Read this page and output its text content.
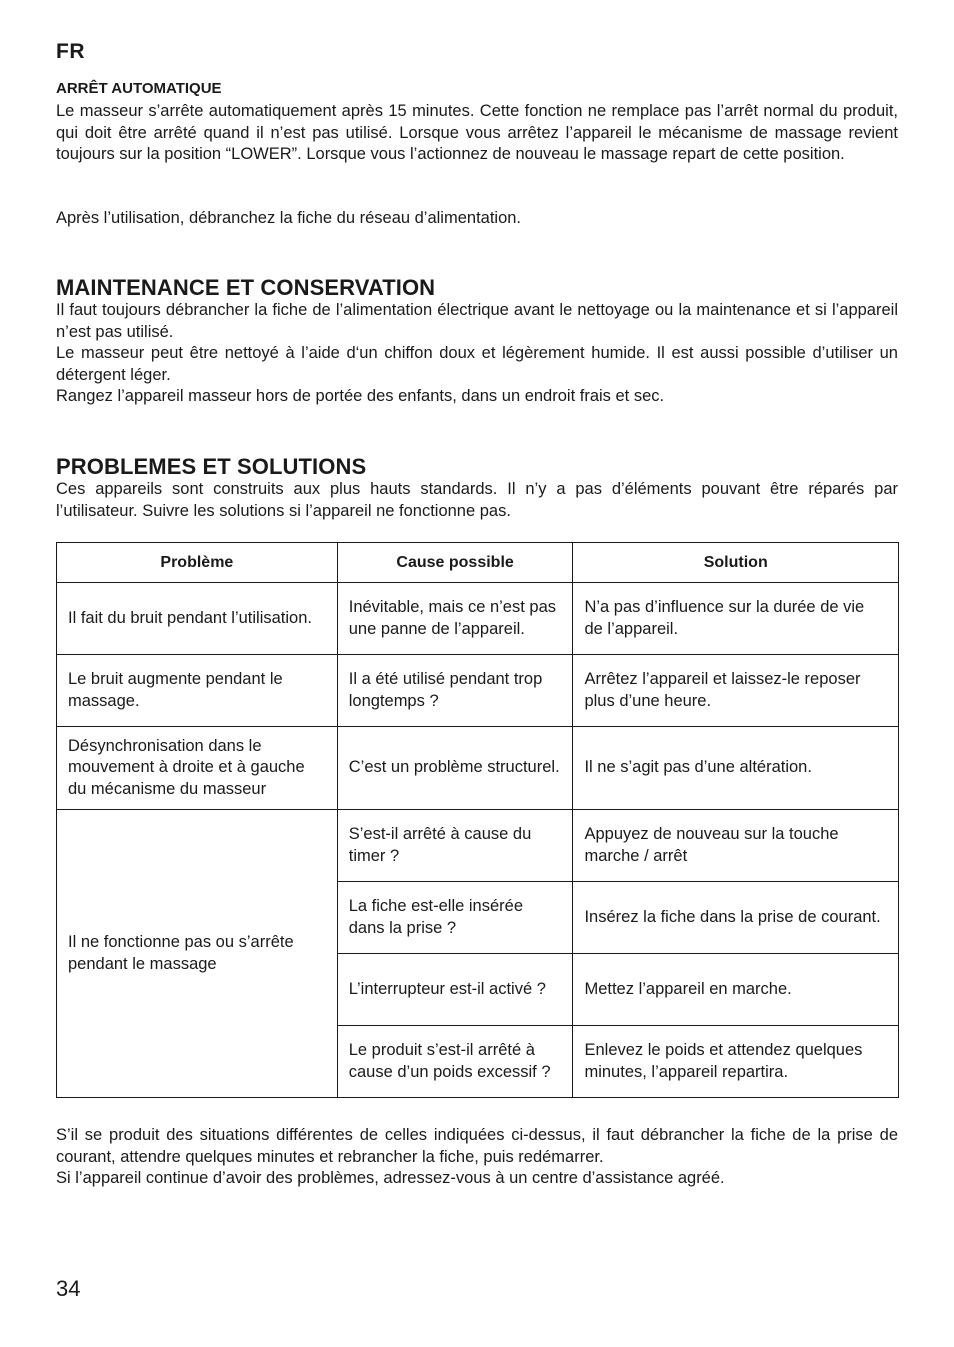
FR
ARRÊT AUTOMATIQUE

Le masseur s’arrête automatiquement après 15 minutes. Cette fonction ne remplace pas l’arrêt normal du produit, qui doit être arrêté quand il n’est pas utilisé. Lorsque vous arrêtez l’appareil le mécanisme de massage revient toujours sur la position “LOWER”. Lorsque vous l’actionnez de nouveau le massage repart de cette position.

Après l’utilisation, débranchez la fiche du réseau d’alimentation.

MAINTENANCE ET CONSERVATION

Il faut toujours débrancher la fiche de l’alimentation électrique avant le nettoyage ou la maintenance et si l’appareil n’est pas utilisé.

Le masseur peut être nettoyé à l’aide d‘un chiffon doux et légèrement humide. Il est aussi possible d’utiliser un détergent léger.

Rangez l’appareil masseur hors de portée des enfants, dans un endroit frais et sec.

PROBLEMES ET SOLUTIONS

Ces appareils sont construits aux plus hauts standards. Il n’y a pas d’éléments pouvant être réparés par l’utilisateur. Suivre les solutions si l’appareil ne fonctionne pas.

Problème	Cause possible	Solution
Il fait du bruit pendant l’utilisation.	Inévitable, mais ce n’est pas une panne de l’appareil.	N’a pas d’influence sur la durée de vie de l’appareil.
Le bruit augmente pendant le massage.	Il a été utilisé pendant trop longtemps ?	Arrêtez l’appareil et laissez-le reposer plus d’une heure.
Désynchronisation dans le mouvement à droite et à gauche du mécanisme du masseur	C’est un problème structurel.	Il ne s’agit pas d’une altération.
Il ne fonctionne pas ou s’arrête pendant le massage	S’est-il arrêté à cause du timer ?	Appuyez de nouveau sur la touche marche / arrêt
	La fiche est-elle insérée dans la prise ?	Insérez la fiche dans la prise de courant.
	L’interrupteur est-il activé ?	Mettez l’appareil en marche.
	Le produit s’est-il arrêté à cause d’un poids excessif ?	Enlevez le poids et attendez quelques minutes, l’appareil repartira.

S’il se produit des situations différentes de celles indiquées ci-dessus, il faut débrancher la fiche de la prise de courant, attendre quelques minutes et rebrancher la fiche, puis redémarrer.

Si l’appareil continue d’avoir des problèmes, adressez-vous à un centre d’assistance agréé.

34
